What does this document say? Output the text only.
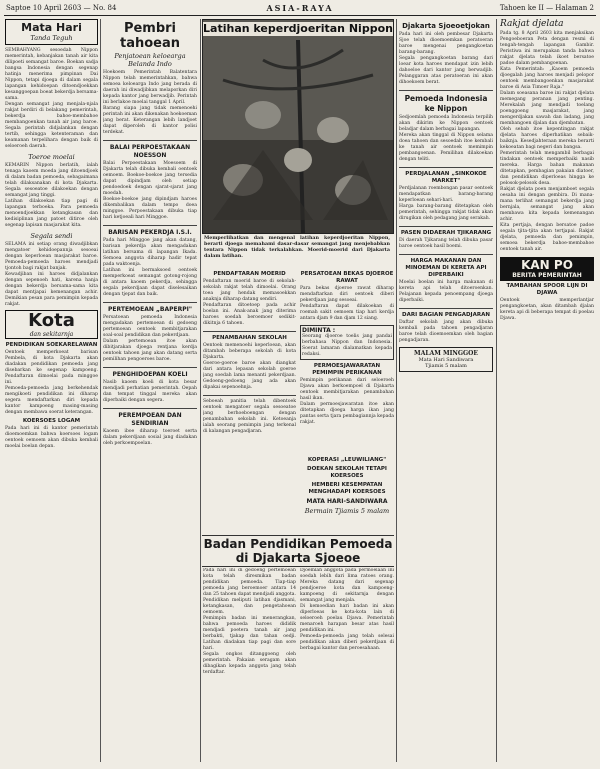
Saptoe 10 April 2603 — No. 84	ASIA-RAYA	Tahoen ke II — Halaman 2
Mata Hari
Tanda Teguh

SEMBAHYANG sesoedah Nippon memerintah, kebanjakan tanah air kita dilipoeti semangat baroe. Boekan sadja bangsa Indonesia dengan segenap hatinja menerima pimpinan Dai Nippon, tetapi djoega di dalam segala lapangan kehidoepan ditoendjoekkan kesanggoepan boeat bekerdja bersama-sama.

Dengan semangat jang menjala-njala rakjat berdiri di belakang pemerintah, bekerdja bahoe-membahoe membangoenkan tanah air jang baroe. Segala perintah didjalankan dengan tertib, sehingga ketenteraman dan keamanan terpelihara dengan baik di seloeroeh daerah.

Toeroe moelai

KEMARIN Nippon berlatih, ialah tenaga kaoem moeda jang ditoendjoek di dalam badan pemoeda, sebagaimana telah dilaksanakan di kota Djakarta. Segala sesoeatoe dilakoekan dengan semangat jang tinggi.

Latihan dilakoekan tiap pagi di lapangan terboeka. Para pemoeda menoendjoekkan ketangkasan dan kedisiplinan jang patoet ditiroe oleh segenap lapisan masjarakat kita.

Segala sendi

SELAMA ini setiap orang diwadjibkan mengatoer kehidoepannja sesoeai dengan keperloean masjarakat baroe. Pemoeda-pemoeda haroes mendjadi tjontoh bagi rakjat banjak.

Kewadjiban ini haroes didjalankan dengan sepenoeh hati, karena hanja dengan bekerdja bersama-sama kita dapat mentjapai kemenangan achir. Demikian pesan para pemimpin kepada rakjat.

Kota
dan sekitarnja
PENDIDIKAN SOEKARELAWAN

Oentoek memperkoeat barisan Pembela, di kota Djakarta akan diadakan pendidikan pemoeda jang disebarkan ke segenap kampoeng. Pendaftaran dimoelai pada minggoe ini.

Pemoeda-pemoeda jang berkehendak mengikoeti pendidikan ini diharap segera mendaftarkan diri kepada kantor kampoeng masing-masing dengan membawa soerat keterangan.

KOERSOES LOGAM

Pada hari ini di kantor pemerintah dioemoemkan bahwa koersoes logam oentoek oemoem akan dibuka kembali moelai boelan depan.

Pembri tahoean
Penjatoean keloearga Belanda Indo

Hoekoem Pemerintah Balatentara Nippon telah memerintahkan, bahwa semoea keloearga Indo jang berada di daerah ini diwadjibkan melaporkan diri kepada kantor jang berwadjib. Perintah ini berlakoe moelai tanggal 1 April.

Barang siapa jang tidak memenoehi perintah ini akan dikenakan hoekoeman jang berat. Keterangan lebih landjoet dapat diperoleh di kantor polisi terdekat.

BALAI PERPOESTAKAAN NOESSON

Balai Perpoestakaan Moesoem di Djakarta telah dibuka kembali oentoek oemoem. Boekoe-boekoe jang tersedia dapat dipindjam oleh setiap pendoedoek dengan sjarat-sjarat jang moedah.

Boekoe-boekoe jang dipindjam haroes dikembalikan dalam tempo doea minggoe. Perpoestakaan dibuka tiap hari ketjoeali hari Minggoe.

BARISAN PEKERDJA I.S.I.

Pada hari Minggoe jang akan datang, barisan pekerdja akan mengadakan latihan bersama di lapangan Ikada. Semoea anggota diharap hadir tepat pada waktoenja.

Latihan ini bermaksoed oentoek memperkoeat semangat gotong-rojong di antara kaoem pekerdja, sehingga segala pekerdjaan dapat diselesaikan dengan tjepat dan baik.

PERTEMOEAN „BAPERPI"

Persatoean pemoeda Indonesia mengadakan pertemoean di gedoeng pertemoean oentoek membitjarakan soal-soal pendidikan dan pekerdjaan.

Dalam pertemoean itoe akan dibitjarakan djoega rentjana kerdja oentoek tahoen jang akan datang serta pemilihan pengoeroes baroe.

PENGHIDOEPAN KOELI

Nasib kaoem koeli di kota besar mendjadi perhatian pemerintah. Oepah dan tempat tinggal mereka akan diperbaiki dengan segera.

PEREMPOEAN DAN SENDIRIAN

Kaoem iboe diharap toeroet serta dalam pekerdjaan sosial jang diadakan oleh perkoempoelan.

Latihan keperdjoeritan Nippon
Memperlihatkan dan mengenal latihan keperdjoeritan Nippon, berarti djoega memahami dasar-dasar semangat jang menjebabkan tentara Nippon tidak terkalahkan. Moerid-moerid dari Djakarta dalam latihan.
PENDAFTARAN MOERID

Pendaftaran moerid baroe di sekolah-sekolah rakjat telah dimoelai. Orang toea jang hendak memasoekkan anaknja diharap datang sendiri.

Pendaftaran ditoetoep pada achir boelan ini. Anak-anak jang diterima haroes soedah beroemoer sedikit-dikitnja 6 tahoen.

PENAMBAHAN SEKOLAH

Oentoek memenoehi keperloean, akan ditambah beberapa sekolah di kota Djakarta.

Goeroe-goeroe baroe akan diangkat dari antara lepasan sekolah goeroe jang soedah lama menanti pekerdjaan. Gedoeng-gedoeng jang ada akan dipakai sepenoehnja.

Seboeah panitia telah dibentoek oentoek mengatoer segala sesoeatoe jang berhoeboengan dengan penambahan sekolah ini. Ketoeanja ialah seorang pemimpin jang terkenal di kalangan pengadjaran.

PERSATOEAN BEKAS DJOEROE RAWAT

Para bekas djoeroe rawat diharap mendaftarkan diri oentoek diberi pekerdjaan jang sesoeai.

Pendaftaran dapat dilakoekan di roemah sakit oemoem tiap hari kerdja antara djam 9 dan djam 12 siang.

DIMINTA :

Seorang djoeroe toelis jang pandai berbahasa Nippon dan Indonesia. Soerat lamaran dialamatkan kepada redaksi.

PERMOESJAWARATAN PEMIMPIN PERIKANAN

Pemimpin perikanan dari seloeroeh Djawa akan berkoempoel di Djakarta oentoek membitjarakan penambahan hasil ikan.

Dalam permoesjawaratan itoe akan ditetapkan djoega harga ikan jang pantas serta tjara pembagiannja kepada rakjat.

Badan Pendidikan Pemoeda di Djakarta Sjoeoe

Pada hari ini di gedoeng pertemoean kota telah diresmikan badan pendidikan pemoeda. Tiap-tiap pemoeda jang beroemoer antara 14 dan 25 tahoen dapat mendjadi anggota. Pendidikan meliputi latihan djasmani, ketangkasan, dan pengetahoean oemoem.

Pemimpin badan ini menerangkan, bahwa pemoeda haroes dididik mendjadi poetera tanah air jang berbakti, tjakap dan tahan oedji. Latihan diadakan tiap pagi dan sore hari.

Segala ongkos ditanggoeng oleh pemerintah. Pakaian seragam akan dibagikan kepada anggota jang telah terdaftar.

Djoemlah anggota pada permoelaan ini soedah lebih dari lima ratoes orang. Mereka datang dari segenap pendjoeroe kota dan kampoeng-kampoeng di sekitarnja dengan semangat jang menjala.

Di kemoedian hari badan ini akan diperloeas ke kota-kota lain di seloeroeh poelau Djawa. Pemerintah menaroeh harapan besar atas hasil pendidikan ini.

Pemoeda-pemoeda jang telah selesai pendidikan akan diberi pekerdjaan di berbagai kantor dan peroesahaan.

KOPERASI „LEUWILIANG"
DOEKAN SEKOLAH TETAPI KOERSOES
HEMBERI KESEMPATAN MENGHADAPI KOERSOES
MATA HARI-SANDIWARA
Bermain Tjiamis 5 malam
Djakarta Sjoeoetjokan

Pada hari ini oleh pembesar Djakarta Sjoe telah dioemoemkan peratoeran baroe mengenai pengangkoetan barang-barang.

Segala pengangkoetan barang dari loear kota haroes mendapat izin lebih dahoeloe dari kantor jang berwadjib. Pelanggaran atas peratoeran ini akan dihoekoem berat.

Pemoeda Indonesia ke Nippon

Sedjoemlah pemoeda Indonesia terpilih akan dikirim ke Nippon oentoek beladjar dalam berbagai lapangan.

Mereka akan tinggal di Nippon selama doea tahoen dan sesoedah itoe kembali ke tanah air oentoek memimpin pembangoenan. Pemilihan dilakoekan dengan teliti.

PERDJALANAN „SINKOKOE MARKET"

Perdjalanan roembongan pasar oentoek mendapatkan barang-barang keperloean sehari-hari.

Harga barang-barang ditetapkan oleh pemerintah, sehingga rakjat tidak akan dirugikan oleh pedagang jang serakah.

PASEN DIDAERAH TJIKARANG

Di daerah Tjikarang telah dibuka pasar baroe oentoek hasil boemi.

HARGA MAKANAN DAN MINOEMAN DI KERETA API DIPERBAIKI

Moelai boelan ini harga makanan di kereta api telah ditoeroenkan. Pelajanan kepada penoempang djoega diperbaiki.

DARI BAGIAN PENGADJARAN

Daftar sekolah jang akan dibuka kembali pada tahoen pengadjaran baroe telah dioemoemkan oleh bagian pengadjaran.

MALAM MINGGOE
Mata Hari Sandiwara
Tjiamis 5 malam
Rakjat djelata

Pada tg. 8 April 2603 kita menjaksikan Pengoeboeran Peta dengan resmi di tengah-tengah lapangan Gambir. Peristiwa ini merupakan tanda bahwa rakjat djelata telah ikoet bersatoe padoe dalam pembangoenan.

Kata Pemerintah: „Kaoem pemoeda djoegalah jang haroes menjadi pelopor oentoek membangoenkan masjarakat baroe di Asia Timoer Raja."

Dalam soeasana baroe ini rakjat djelata memegang peranan jang penting. Merekalah jang mendjadi toelang poenggoeng masjarakat, jang mengerdjakan sawah dan ladang, jang membangoen djalan dan djembatan.

Oleh sebab itoe kepentingan rakjat djelata haroes diperhatikan sebaik-baiknja. Kesedjahteraan mereka berarti kekoeatan bagi negeri dan bangsa.

Pemerintah telah mengambil berbagai tindakan oentoek memperbaiki nasib mereka. Harga bahan makanan ditetapkan, pembagian pakaian diatoer, dan pendidikan diperloeas hingga ke pelosok-pelosok desa.

Rakjat djelata poen menjamboet segala oesaha ini dengan gembira. Di mana-mana terlihat semangat bekerdja jang bernjala, semangat jang akan membawa kita kepada kemenangan achir.

Kita pertjaja, dengan bersatoe padoe segala tjita-tjita akan tertjapai. Rakjat djelata, pemoeda dan pemimpin, semoea bekerdja bahoe-membahoe oentoek tanah air.

KAN PO
BERITA PEMERINTAH
TAMBAHAN SPOOR LIJN DI DJAWA

Oentoek memperlantjar pengangkoetan, akan ditambah djalan kereta api di beberapa tempat di poelau Djawa.
